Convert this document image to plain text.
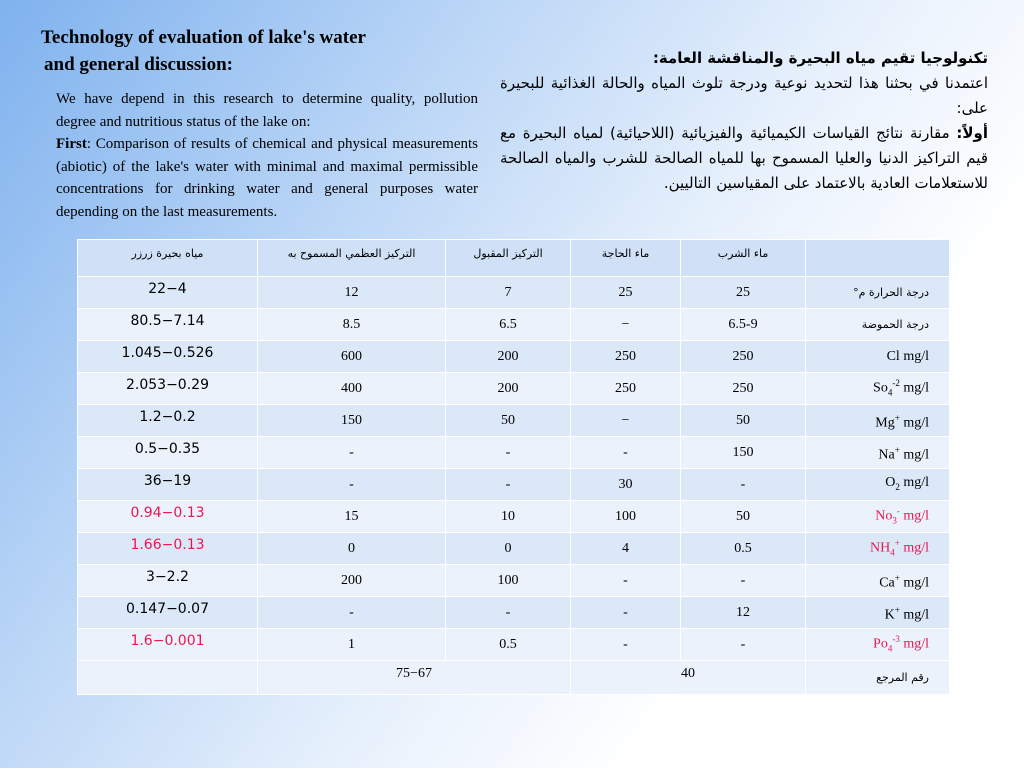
Technology of evaluation of lake's water

and general discussion:
We have depend in this research to determine quality, pollution degree and nutritious status of the lake on:
First: Comparison of results of chemical and physical measurements (abiotic) of the lake's water with minimal and maximal permissible concentrations for drinking water and general purposes water depending on the last measurements.
تكنولوجيا تقيم مياه البحيرة والمناقشة العامة:
اعتمدنا في بحثنا هذا لتحديد نوعية ودرجة تلوث المياه والحالة الغذائية للبحيرة على:
أولاً: مقارنة نتائج القياسات الكيميائية والفيزيائية (اللاحيائية) لمياه البحيرة مع قيم التراكيز الدنيا والعليا المسموح بها للمياه الصالحة للشرب والمياه الصالحة للاستعلامات العادية بالاعتماد على المقياسين التاليين.
مياه بحيرة زرزر	التركيز العظمي المسموح به	التركيز المقبول	ماء الحاجة	ماء الشرب	
22−4	12	7	25	25	درجة الحرارة م°
80.5−7.14	8.5	6.5	−	6.5-9	درجة الحموضة
1.045−0.526	600	200	250	250	Cl mg/l
2.053−0.29	400	200	250	250	$So_4^{-2}$ mg/l
1.2−0.2	150	50	−	50	Mg+ mg/l
0.5−0.35	-	-	-	150	Na+ mg/l
36−19	-	-	30	-	$O_2$ mg/l
0.94−0.13	15	10	100	50	$No_3^-$ mg/l
1.66−0.13	0	0	4	0.5	$NH_4^+$ mg/l
3−2.2	200	100	-	-	Ca+ mg/l
0.147−0.07	-	-	-	12	K+ mg/l
1.6−0.001	1	0.5	-	-	$Po_4^{-3}$ mg/l
	75−67		40		رقم المرجع
